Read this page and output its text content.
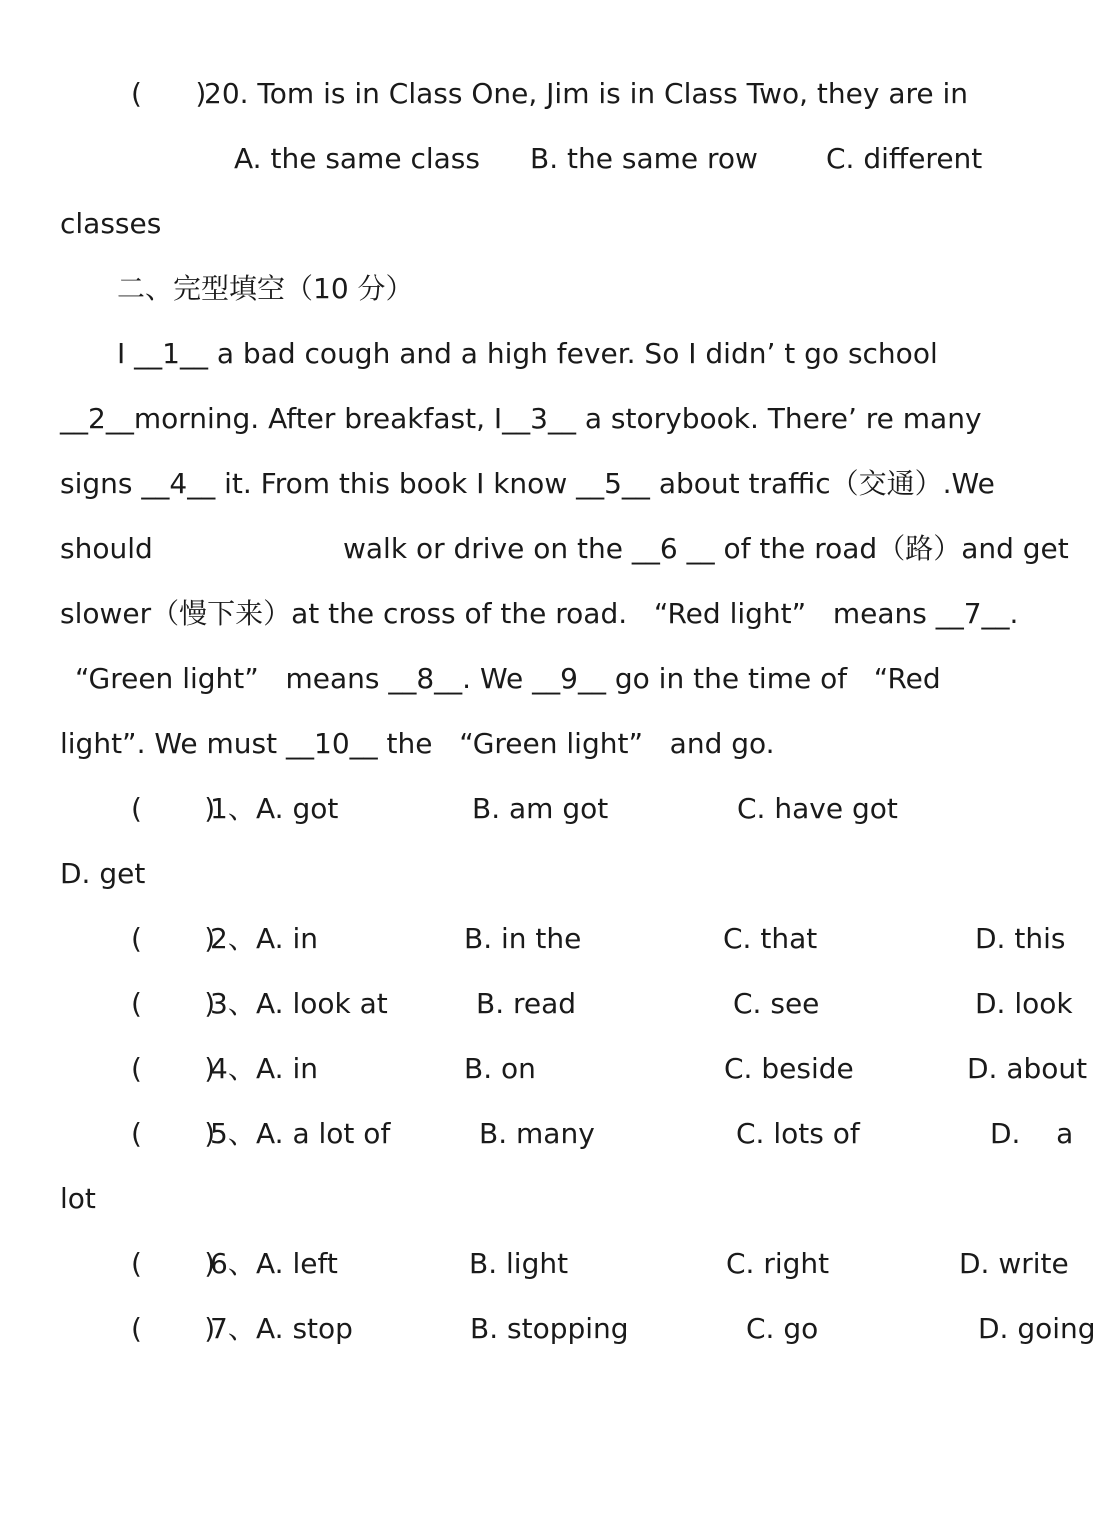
(      )
20. Tom is in Class One, Jim is in Class Two, they are in
A. the same class B. the same row C. different
classes
二、完型填空（10 分）
I __1__ a bad cough and a high fever. So I didn’ t go school
__2__morning. After breakfast, I__3__ a storybook. There’ re many
signs __4__ it. From this book I know __5__ about traffic（交通）.We
should	walk or drive on the __6 __ of the road（路）and get
slower（慢下来）at the cross of the road.   “Red light”   means __7__.
“Green light”   means __8__. We __9__ go in the time of   “Red
light”. We must __10__ the   “Green light”   and go.
(       )
1、 A. got	B. am got	C. have got
D. get
(       )
2、 A. in	B. in the	C. that	D. this
(       )
3、 A. look at	B. read	C. see	D. look
(       )
4、 A. in	B. on	C. beside	D. about
(       )
5、 A. a lot of	B. many	C. lots of	D.    a
lot
(       )
6、 A. left	B. light	C. right	D. write
(       )
7、 A. stop	B. stopping	C. go	D. going
